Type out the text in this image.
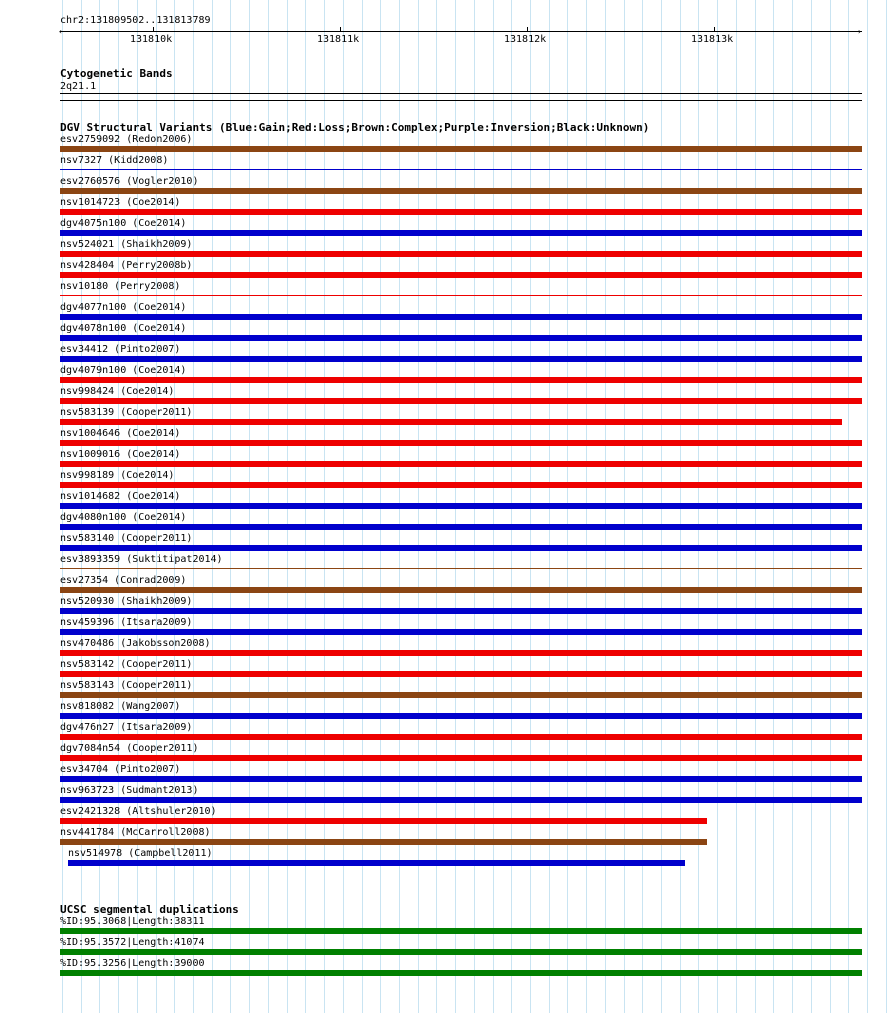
chr2:131809502..131813789
‹	›
131810k	131811k	131812k	131813k
Cytogenetic Bands
2q21.1
DGV Structural Variants (Blue:Gain;Red:Loss;Brown:Complex;Purple:Inversion;Black:Unknown)
esv2759092 (Redon2006)
nsv7327 (Kidd2008)
esv2760576 (Vogler2010)
nsv1014723 (Coe2014)
dgv4075n100 (Coe2014)
nsv524021 (Shaikh2009)
nsv428404 (Perry2008b)
nsv10180 (Perry2008)
dgv4077n100 (Coe2014)
dgv4078n100 (Coe2014)
esv34412 (Pinto2007)
dgv4079n100 (Coe2014)
nsv998424 (Coe2014)
nsv583139 (Cooper2011)
nsv1004646 (Coe2014)
nsv1009016 (Coe2014)
nsv998189 (Coe2014)
nsv1014682 (Coe2014)
dgv4080n100 (Coe2014)
nsv583140 (Cooper2011)
esv3893359 (Suktitipat2014)
esv27354 (Conrad2009)
nsv520930 (Shaikh2009)
nsv459396 (Itsara2009)
nsv470486 (Jakobsson2008)
nsv583142 (Cooper2011)
nsv583143 (Cooper2011)
nsv818082 (Wang2007)
dgv476n27 (Itsara2009)
dgv7084n54 (Cooper2011)
esv34704 (Pinto2007)
nsv963723 (Sudmant2013)
esv2421328 (Altshuler2010)
nsv441784 (McCarroll2008)
nsv514978 (Campbell2011)
UCSC segmental duplications
%ID:95.3068|Length:38311
%ID:95.3572|Length:41074
%ID:95.3256|Length:39000
